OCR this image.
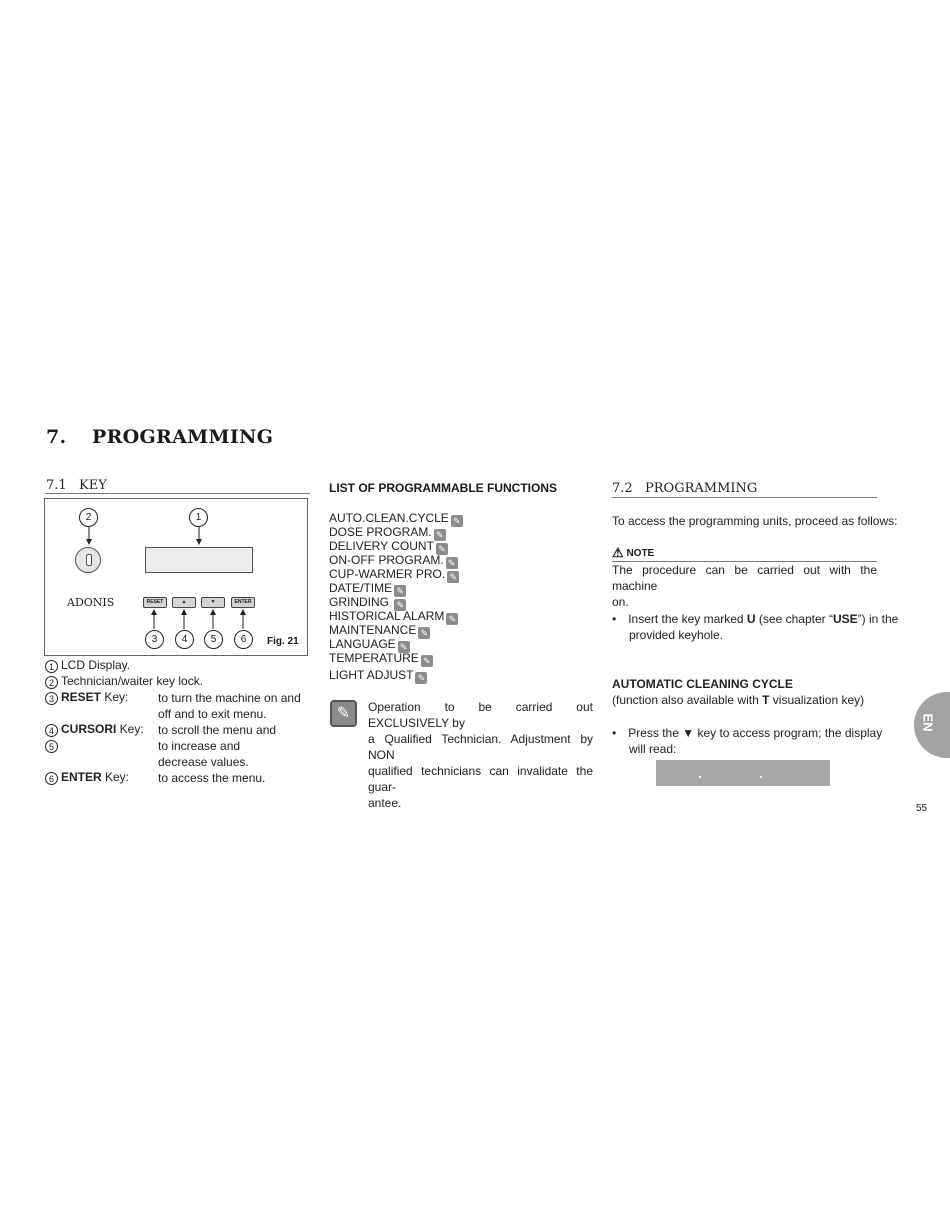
7. PROGRAMMING
7.1 KEY
2	1
ADONIS	RESET	▲	▼	ENTER
3	4	5	6	Fig. 21
1 LCD Display.
2 Technician/waiter key lock.
3 RESET Key: to turn the machine on and
off and to exit menu.
4 CURSORI Key: to scroll the menu and
5	to increase and
decrease values.
6 ENTER Key: to access the menu.
LIST OF PROGRAMMABLE FUNCTIONS
AUTO.CLEAN.CYCLE ✎
DOSE PROGRAM. ✎
DELIVERY COUNT ✎
ON-OFF PROGRAM. ✎
CUP-WARMER PRO. ✎
DATE/TIME ✎
GRINDING ✎
HISTORICAL ALARM ✎
MAINTENANCE ✎
LANGUAGE ✎
TEMPERATURE ✎
LIGHT ADJUST ✎
✎	Operation to be carried out EXCLUSIVELY by
a Qualified Technician. Adjustment by NON
qualified technicians can invalidate the guar-
antee.
7.2 PROGRAMMING
To access the programming units, proceed as follows:
⚠ NOTE
The procedure can be carried out with the machine
on.
• Insert the key marked U (see chapter “USE”) in the
provided keyhole.
AUTOMATIC CLEANING CYCLE
(function also available with T visualization key)
• Press the ▼ key to access program; the display
will read:
EN
55
